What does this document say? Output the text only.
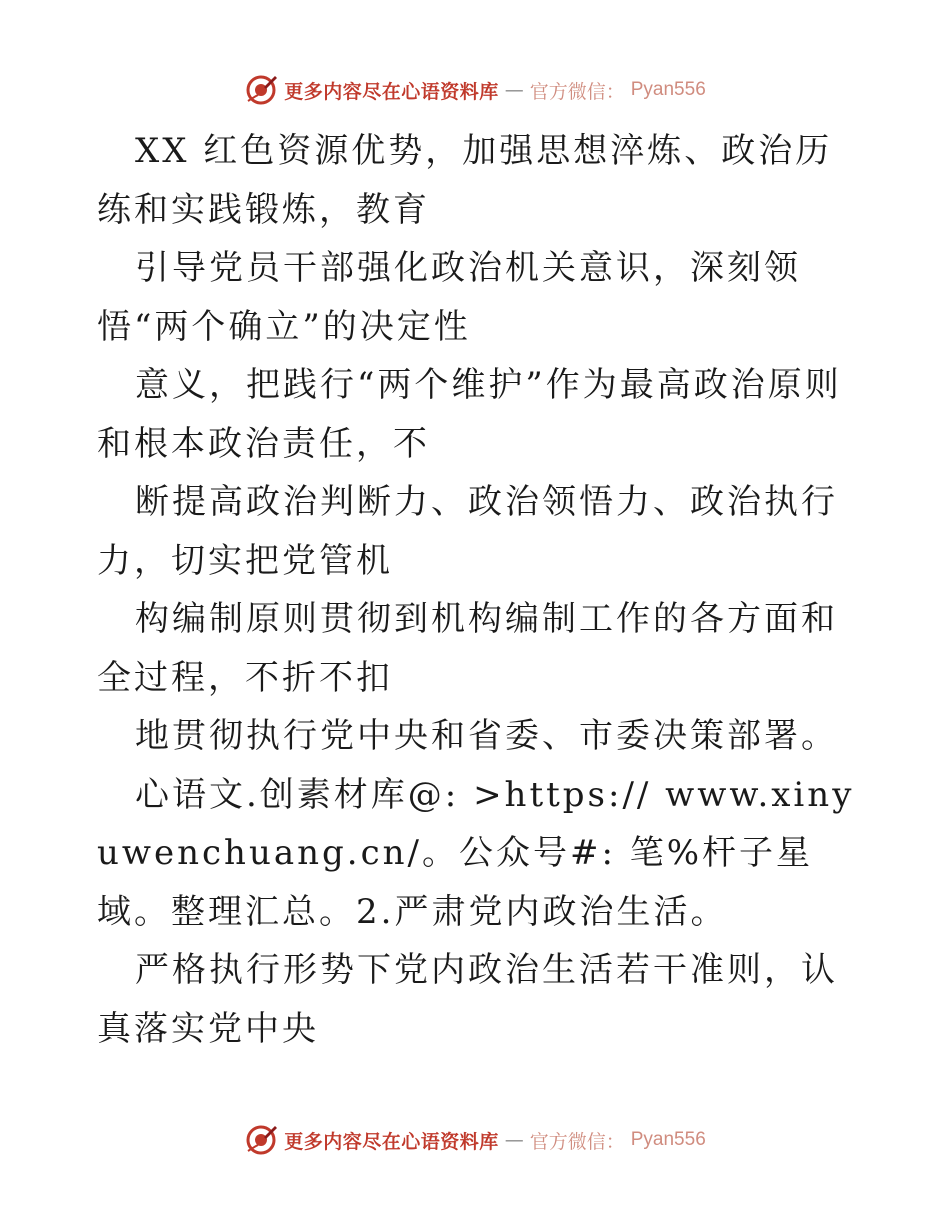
更多内容尽在心语资料库 — 官方微信： Pyan556

XX 红色资源优势，加强思想淬炼、政治历练和实践锻炼，教育

引导党员干部强化政治机关意识，深刻领悟“两个确立”的决定性

意义，把践行“两个维护”作为最高政治原则和根本政治责任，不

断提高政治判断力、政治领悟力、政治执行力，切实把党管机

构编制原则贯彻到机构编制工作的各方面和全过程，不折不扣

地贯彻执行党中央和省委、市委决策部署。

心语文.创素材库@: >https:// www.xinyuwenchuang.cn/。公众号#: 笔%杆子星域。整理汇总。2.严肃党内政治生活。

严格执行形势下党内政治生活若干准则，认真落实党中央

更多内容尽在心语资料库 — 官方微信： Pyan556
